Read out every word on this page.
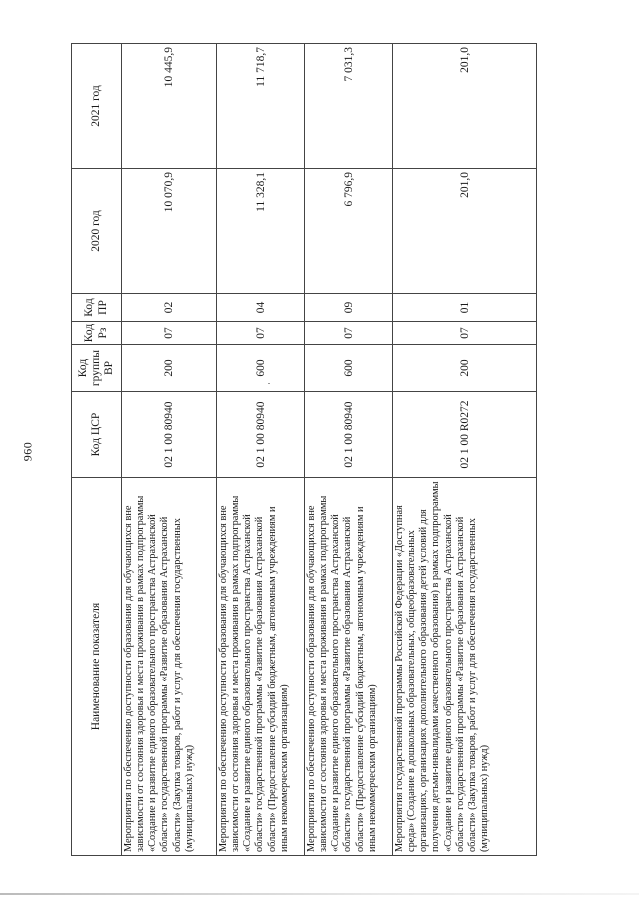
960
Наименование показателя	Код ЦСР	Код группы ВР	Код Рз	Код ПР	2020 год	2021 год
Мероприятия по обеспечению доступности образования для обучающихся вне зависимости от состояния здоровья и места проживания в рамках подпрограммы «Создание и развитие единого образовательного пространства Астраханской области» государственной программы «Развитие образования Астраханской области» (Закупка товаров, работ и услуг для обеспечения государственных (муниципальных) нужд)	02 1 00 80940	200	07	02	10 070,9	10 445,9
Мероприятия по обеспечению доступности образования для обучающихся вне зависимости от состояния здоровья и места проживания в рамках подпрограммы «Создание и развитие единого образовательного пространства Астраханской области» государственной программы «Развитие образования Астраханской области» (Предоставление субсидий бюджетным, автономным учреждениям и иным некоммерческим организациям)	02 1 00 80940	600	07	04	11 328,1	11 718,7
Мероприятия по обеспечению доступности образования для обучающихся вне зависимости от состояния здоровья и места проживания в рамках подпрограммы «Создание и развитие единого образовательного пространства Астраханской области» государственной программы «Развитие образования Астраханской области» (Предоставление субсидий бюджетным, автономным учреждениям и иным некоммерческим организациям)	02 1 00 80940	600	07	09	6 796,9	7 031,3
Мероприятия государственной программы Российской Федерации «Доступная среда» (Создание в дошкольных образовательных, общеобразовательных организациях, организациях дополнительного образования детей условий для получения детьми-инвалидами качественного образования) в рамках подпрограммы «Создание и развитие единого образовательного пространства Астраханской области» государственной программы «Развитие образования Астраханской области» (Закупка товаров, работ и услуг для обеспечения государственных (муниципальных) нужд)	02 1 00 R0272	200	07	01	201,0	201,0
